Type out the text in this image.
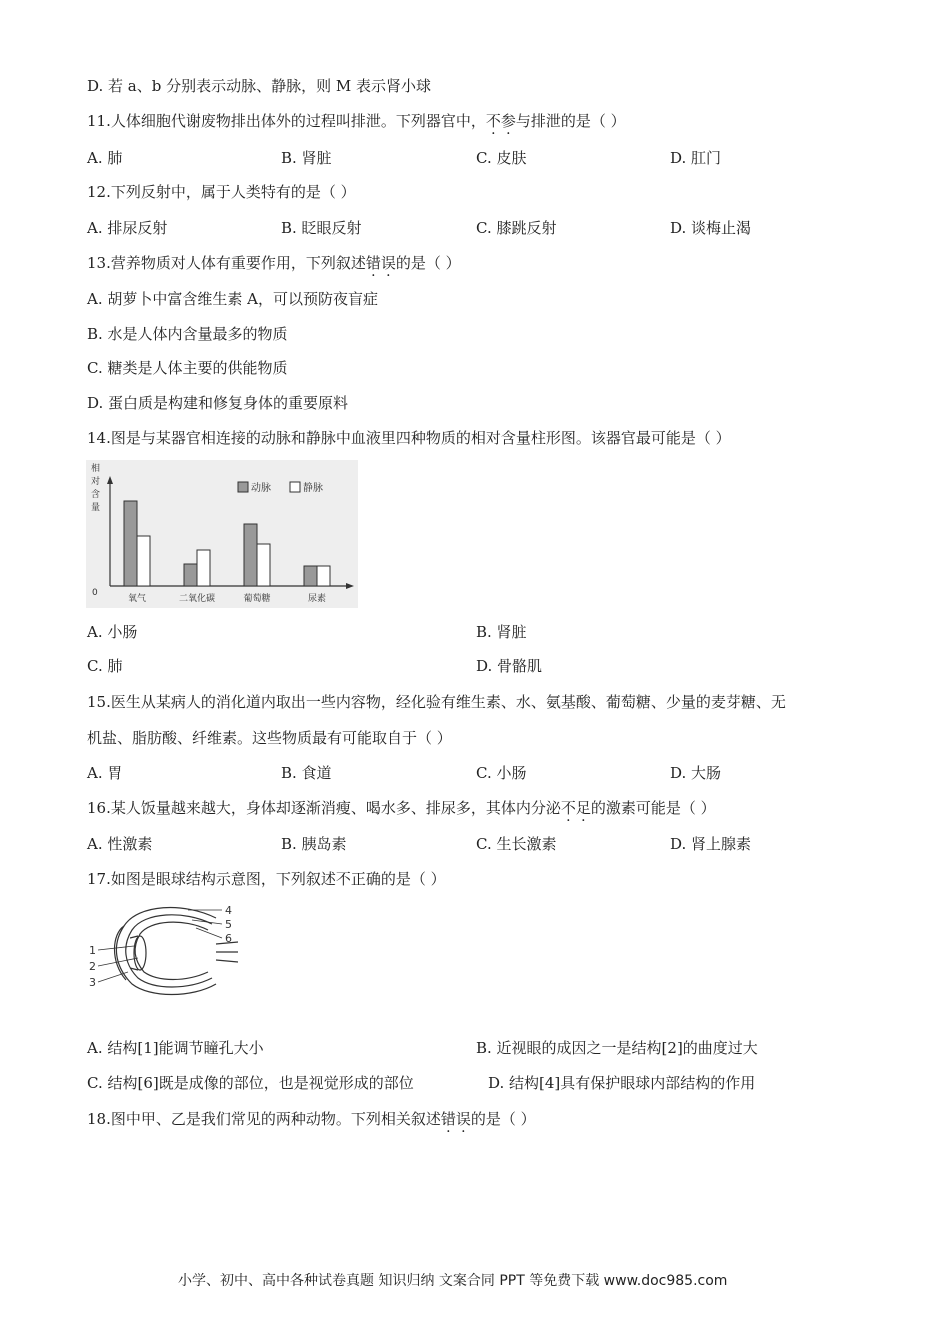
D. 若 a、b 分别表示动脉、静脉，则 M 表示肾小球
11.人体细胞代谢废物排出体外的过程叫排泄。下列器官中，不参与排泄的是（ ）
A. 肺	B. 肾脏	C. 皮肤	D. 肛门
12.下列反射中，属于人类特有的是（ ）
A. 排尿反射	B. 眨眼反射	C. 膝跳反射	D. 谈梅止渴
13.营养物质对人体有重要作用，下列叙述错误的是（ ）
A. 胡萝卜中富含维生素 A，可以预防夜盲症
B. 水是人体内含量最多的物质
C. 糖类是人体主要的供能物质
D. 蛋白质是构建和修复身体的重要原料
14.图是与某器官相连接的动脉和静脉中血液里四种物质的相对含量柱形图。该器官最可能是（ ）
相
对
含
量
0
动脉	静脉
氧气	二氧化碳	葡萄糖	尿素
A. 小肠	B. 肾脏
C. 肺	D. 骨骼肌
15.医生从某病人的消化道内取出一些内容物，经化验有维生素、水、氨基酸、葡萄糖、少量的麦芽糖、无
机盐、脂肪酸、纤维素。这些物质最有可能取自于（ ）
A. 胃	B. 食道	C. 小肠	D. 大肠
16.某人饭量越来越大，身体却逐渐消瘦、喝水多、排尿多，其体内分泌不足的激素可能是（ ）
A. 性激素	B. 胰岛素	C. 生长激素	D. 肾上腺素
17.如图是眼球结构示意图，下列叙述不正确的是（ ）
1
2
3
4
5
6
A. 结构[1]能调节瞳孔大小	B. 近视眼的成因之一是结构[2]的曲度过大
C. 结构[6]既是成像的部位，也是视觉形成的部位	D. 结构[4]具有保护眼球内部结构的作用
18.图中甲、乙是我们常见的两种动物。下列相关叙述错误的是（ ）
小学、初中、高中各种试卷真题 知识归纳 文案合同 PPT 等免费下载 www.doc985.com
